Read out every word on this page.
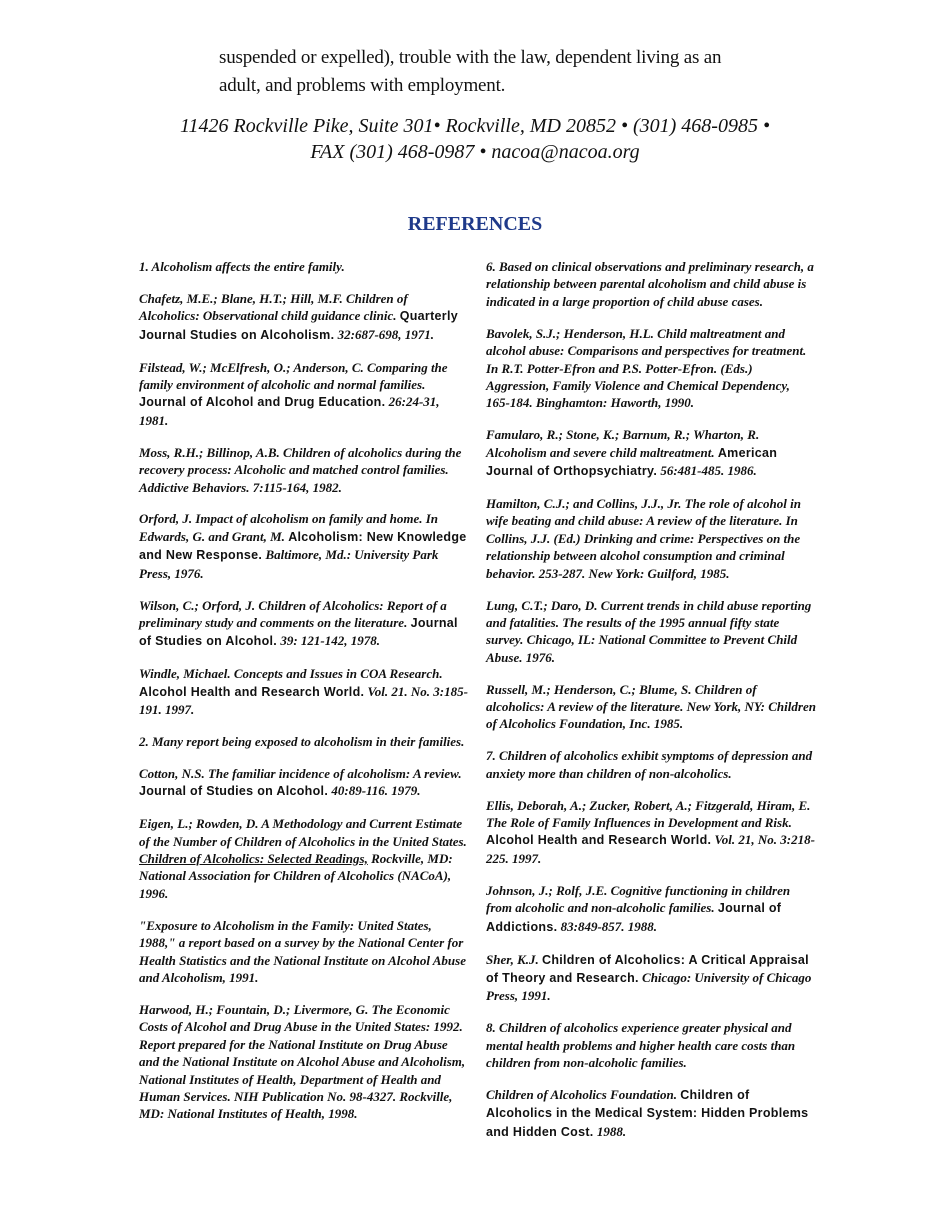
suspended or expelled), trouble with the law, dependent living as an
adult, and problems with employment.
11426 Rockville Pike, Suite 301• Rockville, MD 20852 • (301) 468-0985 •
FAX (301) 468-0987 • nacoa@nacoa.org
REFERENCES

1. Alcoholism affects the entire family.

Chafetz, M.E.; Blane, H.T.; Hill, M.F. Children of Alcoholics: Observational child guidance clinic. Quarterly Journal Studies on Alcoholism. 32:687-698, 1971.

Filstead, W.; McElfresh, O.; Anderson, C. Comparing the family environment of alcoholic and normal families. Journal of Alcohol and Drug Education. 26:24-31, 1981.

Moss, R.H.; Billinop, A.B. Children of alcoholics during the recovery process: Alcoholic and matched control families. Addictive Behaviors. 7:115-164, 1982.

Orford, J. Impact of alcoholism on family and home. In Edwards, G. and Grant, M. Alcoholism: New Knowledge and New Response. Baltimore, Md.: University Park Press, 1976.

Wilson, C.; Orford, J. Children of Alcoholics: Report of a preliminary study and comments on the literature. Journal of Studies on Alcohol. 39: 121-142, 1978.

Windle, Michael. Concepts and Issues in COA Research. Alcohol Health and Research World. Vol. 21. No. 3:185-191. 1997.

2. Many report being exposed to alcoholism in their families.

Cotton, N.S. The familiar incidence of alcoholism: A review. Journal of Studies on Alcohol. 40:89-116. 1979.

Eigen, L.; Rowden, D. A Methodology and Current Estimate of the Number of Children of Alcoholics in the United States. Children of Alcoholics: Selected Readings, Rockville, MD: National Association for Children of Alcoholics (NACoA), 1996.

"Exposure to Alcoholism in the Family: United States, 1988," a report based on a survey by the National Center for Health Statistics and the National Institute on Alcohol Abuse and Alcoholism, 1991.

Harwood, H.; Fountain, D.; Livermore, G. The Economic Costs of Alcohol and Drug Abuse in the United States: 1992. Report prepared for the National Institute on Drug Abuse and the National Institute on Alcohol Abuse and Alcoholism, National Institutes of Health, Department of Health and Human Services. NIH Publication No. 98-4327. Rockville, MD: National Institutes of Health, 1998.

6. Based on clinical observations and preliminary research, a relationship between parental alcoholism and child abuse is indicated in a large proportion of child abuse cases.

Bavolek, S.J.; Henderson, H.L. Child maltreatment and alcohol abuse: Comparisons and perspectives for treatment. In R.T. Potter-Efron and P.S. Potter-Efron. (Eds.) Aggression, Family Violence and Chemical Dependency, 165-184. Binghamton: Haworth, 1990.

Famularo, R.; Stone, K.; Barnum, R.; Wharton, R. Alcoholism and severe child maltreatment. American Journal of Orthopsychiatry. 56:481-485. 1986.

Hamilton, C.J.; and Collins, J.J., Jr. The role of alcohol in wife beating and child abuse: A review of the literature. In Collins, J.J. (Ed.) Drinking and crime: Perspectives on the relationship between alcohol consumption and criminal behavior. 253-287. New York: Guilford, 1985.

Lung, C.T.; Daro, D. Current trends in child abuse reporting and fatalities. The results of the 1995 annual fifty state survey. Chicago, IL: National Committee to Prevent Child Abuse. 1976.

Russell, M.; Henderson, C.; Blume, S. Children of alcoholics: A review of the literature. New York, NY: Children of Alcoholics Foundation, Inc. 1985.

7. Children of alcoholics exhibit symptoms of depression and anxiety more than children of non-alcoholics.

Ellis, Deborah, A.; Zucker, Robert, A.; Fitzgerald, Hiram, E. The Role of Family Influences in Development and Risk. Alcohol Health and Research World. Vol. 21, No. 3:218-225. 1997.

Johnson, J.; Rolf, J.E. Cognitive functioning in children from alcoholic and non-alcoholic families. Journal of Addictions. 83:849-857. 1988.

Sher, K.J. Children of Alcoholics: A Critical Appraisal of Theory and Research. Chicago: University of Chicago Press, 1991.

8. Children of alcoholics experience greater physical and mental health problems and higher health care costs than children from non-alcoholic families.

Children of Alcoholics Foundation. Children of Alcoholics in the Medical System: Hidden Problems and Hidden Cost. 1988.
